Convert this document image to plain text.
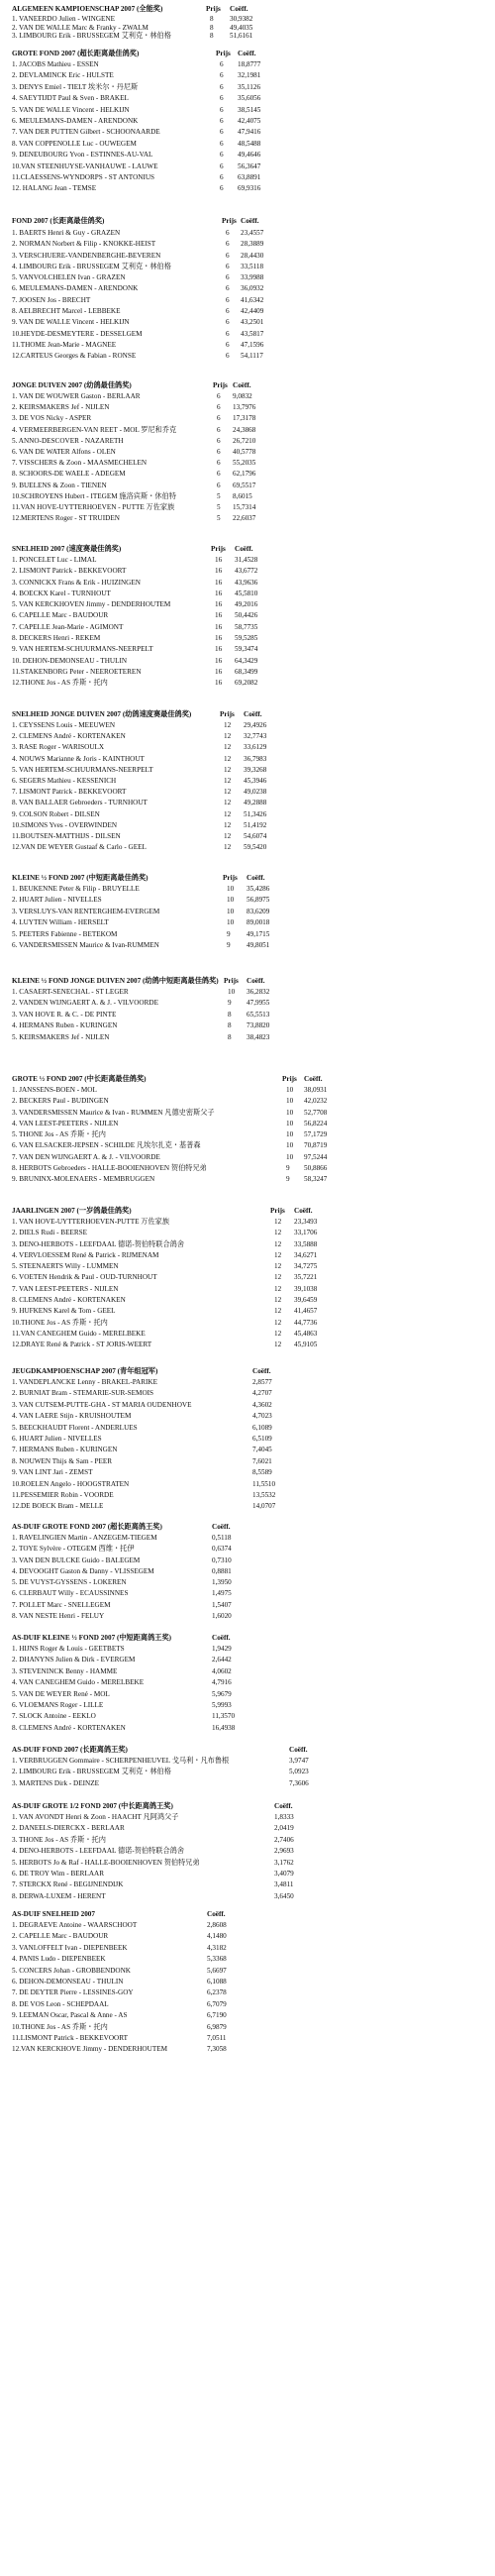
ALGEMEEN KAMPIOENSCHAP 2007 (全能奖)	Prijs Coëff.
1. VANEERDO Julien - WINGENE	8 30,9382
2. VAN DE WALLE Marc & Franky - ZWALM	8 49,4035
3. LIMBOURG Erik - BRUSSEGEM 艾利克・林伯格	8 51,6161
GROTE FOND 2007 (超长距离最佳鸽奖)	Prijs Coëff.
1. JACOBS Mathieu - ESSEN	6 18,8777
2. DEVLAMINCK Eric - HULSTE	6 32,1981
3. DENYS Emiel - TIELT 埃米尔・丹尼斯	6 35,1126
4. SAEYTIJDT Paul & Sven - BRAKEL	6 35,6056
5. VAN DE WALLE Vincent - HELKIJN	6 38,5145
6. MEULEMANS-DAMEN - ARENDONK	6 42,4075
7. VAN DER PUTTEN Gilbert - SCHOONAARDE	6 47,9416
8. VAN COPPENOLLE Luc - OUWEGEM	6 48,5488
9. DENEUBOURG Yvon - ESTINNES-AU-VAL	6 49,4646
10.VAN STEENHUYSE-VANHAUWE - LAUWE	6 56,3647
11.CLAESSENS-WYNDORPS - ST ANTONIUS	6 63,8891
12. HALANG Jean - TEMSE	6 69,9316
FOND 2007 (长距离最佳鸽奖)	Prijs Coëff.
1. BAERTS Henri & Guy - GRAZEN	6 23,4557
2. NORMAN Norbert & Filip - KNOKKE-HEIST	6 28,3889
3. VERSCHUERE-VANDENBERGHE-BEVEREN	6 28,4430
4. LIMBOURG Erik - BRUSSEGEM 艾利克・林伯格	6 33,5118
5. VANVOLCHELEN Ivan - GRAZEN	6 33,9988
6. MEULEMANS-DAMEN - ARENDONK	6 36,0932
7. JOOSEN Jos - BRECHT	6 41,6342
8. AELBRECHT Marcel - LEBBEKE	6 42,4409
9. VAN DE WALLE Vincent - HELKIJN	6 43,2501
10.HEYDE-DESMEYTERE - DESSELGEM	6 43,5817
11.THOME Jean-Marie - MAGNEE	6 47,1596
12.CARTEUS Georges & Fabian - RONSE	6 54,1117
JONGE DUIVEN 2007 (幼鸽最佳鸽奖)	Prijs Coëff.
1. VAN DE WOUWER Gaston - BERLAAR	6 9,0832
2. KEIRSMAKERS Jef - NIJLEN	6 13,7976
3. DE VOS Nicky - ASPER	6 17,3178
4. VERMEERBERGEN-VAN REET - MOL 罗尼和乔克	6 24,3868
5. ANNO-DESCOVER - NAZARETH	6 26,7210
6. VAN DE WATER Alfons - OLEN	6 40,5778
7. VISSCHERS & Zoon - MAASMECHELEN	6 55,2035
8. SCHOORS-DE WAELE - ADEGEM	6 62,1796
9. BUELENS & Zoon - TIENEN	6 69,5517
10.SCHROYENS Hubert - ITEGEM 施洛宾斯・休伯特	5 8,6015
11.VAN HOVE-UYTTERHOEVEN - PUTTE 万佐家族	5 15,7314
12.MERTENS Roger - ST TRUIDEN	5 22,6037
SNELHEID 2007 (速度赛最佳鸽奖)	Prijs Coëff.
1. PONCELET Luc - LIMAL	16 31,4528
2. LISMONT Patrick - BEKKEVOORT	16 43,6772
3. CONNICKX Frans & Erik - HUIZINGEN	16 43,9636
4. BOECKX Karel - TURNHOUT	16 45,5810
5. VAN KERCKHOVEN Jimmy - DENDERHOUTEM	16 49,2016
6. CAPELLE Marc - BAUDOUR	16 50,4426
7. CAPELLE Jean-Marie - AGIMONT	16 58,7735
8. DECKERS Henri - REKEM	16 59,5285
9. VAN HERTEM-SCHUURMANS-NEERPELT	16 59,3474
10. DEHON-DEMONSEAU - THULIN	16 64,3429
11.STAKENBORG Peter - NEEROETEREN	16 68,3499
12.THONE Jos - AS 乔斯・托内	16 69,2082
SNELHEID JONGE DUIVEN 2007 (幼鸽速度赛最佳鸽奖)	Prijs Coëff.
1. CEYSSENS Louis - MEEUWEN	12 29,4926
2. CLEMENS André - KORTENAKEN	12 32,7743
3. RASE Roger - WARISOULX	12 33,6129
4. NOUWS Marianne & Joris - KAINTHOUT	12 36,7983
5. VAN HERTEM-SCHUURMANS-NEERPELT	12 39,3268
6. SEGERS Mathieu - KESSENICH	12 45,3946
7. LISMONT Patrick - BEKKEVOORT	12 49,0238
8. VAN BALLAER Gebroeders - TURNHOUT	12 49,2888
9. COLSON Robert - DILSEN	12 51,3426
10.SIMONS Yves - OVERWINDEN	12 51,4192
11.BOUTSEN-MATTHIJS - DILSEN	12 54,6074
12.VAN DE WEYER Gustaaf & Carlo - GEEL	12 59,5420
KLEINE ½ FOND 2007 (中短距离最佳鸽奖)	Prijs Coëff.
1. BEUKENNE Peter & Filip - BRUYELLE	10 35,4286
2. HUART Julien - NIVELLES	10 56,8975
3. VERSLUYS-VAN RENTERGHEM-EVERGEM	10 83,6209
4. LUYTEN William - HERSELT	10 89,0018
5. PEETERS Fabienne - BETEKOM	9 49,1715
6. VANDERSMISSEN Maurice & Ivan-RUMMEN	9 49,8051
KLEINE ½ FOND JONGE DUIVEN 2007 (幼鸽中短距离最佳鸽奖) Prijs Coëff.
1. CASAERT-SENECHAL - ST LEGER	10 36,2832
2. VANDEN WIJNGAERT A. & J. - VILVOORDE	9 47,9955
3. VAN HOVE R. & C. - DE PINTE	8 65,5513
4. HERMANS Ruben - KURINGEN	8 73,8820
5. KEIRSMAKERS Jef - NIJLEN	8 38,4823
GROTE ½ FOND 2007 (中长距离最佳鸽奖)	Prijs Coëff.
1. JANSSENS-BOEN - MOL	10 38,0931
2. BECKERS Paul - BUDINGEN	10 42,0232
3. VANDERSMISSEN Maurice & Ivan - RUMMEN 凡德史密斯父子	10 52,7708
4. VAN LEEST-PEETERS - NIJLEN	10 56,8224
5. THONE Jos - AS 乔斯・托内	10 57,1729
6. VAN ELSACKER-JEPSEN - SCHILDE 凡埃尔扎克・基普森	10 70,8719
7. VAN DEN WIJNGAERT A. & J. - VILVOORDE	10 97,5244
8. HERBOTS Gebroeders - HALLE-BOOIENHOVEN 贺伯特兄弟	9 50,8866
9. BRUNINX-MOLENAERS - MEMBRUGGEN	9 58,3247
JAARLINGEN 2007 (一岁鸽最佳鸽奖)	Prijs Coëff.
1. VAN HOVE-UYTTERHOEVEN-PUTTE 万佐家族	12 23,3493
2. DIELS Rudi - BEERSE	12 33,1706
3. DENO-HERBOTS - LEEFDAAL 德诺-贺伯特联合鸽舍	12 33,5888
4. VERVLOESSEM René & Patrick - RIJMENAM	12 34,6271
5. STEENAERTS Willy - LUMMEN	12 34,7275
6. VOETEN Hendrik & Paul - OUD-TURNHOUT	12 35,7221
7. VAN LEEST-PEETERS - NIJLEN	12 39,1038
8. CLEMENS André - KORTENAKEN	12 39,6459
9. HUFKENS Karel & Tom - GEEL	12 41,4657
10.THONE Jos - AS 乔斯・托内	12 44,7736
11.VAN CANEGHEM Guido - MERELBEKE	12 45,4863
12.DRAYE René & Patrick - ST JORIS-WEERT	12 45,9105
JEUGDKAMPIOENSCHAP 2007 (青年组冠军)	Coëff.
1. VANDEPLANCKE Lenny - BRAKEL-PARIKE	2,8577
2. BURNIAT Bram - STEMARIE-SUR-SEMOIS	4,2707
3. VAN CUTSEM-PUTTE-GHA - ST MARIA OUDENHOVE	4,3602
4. VAN LAERE Stijn - KRUISHOUTEM	4,7023
5. BEECKHAUDT Florent - ANDERLUES	6,1089
6. HUART Julien - NIVELLES	6,5109
7. HERMANS Ruben - KURINGEN	7,4045
8. NOUWEN Thijs & Sam - PEER	7,6021
9. VAN LINT Jari - ZEMST	8,5589
10.ROELEN Angelo - HOOGSTRATEN	11,5510
11.PESSEMIER Robin - VOORDE	13,5532
12.DE BOECK Bram - MELLE	14,0707
AS-DUIF GROTE FOND 2007 (超长距离鸽王奖)	Coëff.
1. RAVELINGIEN Martin - ANZEGEM-TIEGEM	0,5118
2. TOYE Sylvère - OTEGEM 西维・托伊	0,6374
3. VAN DEN BULCKE Guido - BALEGEM	0,7310
4. DEVOOGHT Gaston & Danny - VLISSEGEM	0,8881
5. DE VUYST-GYSSENS - LOKEREN	1,3950
6. CLERBAUT Willy - ECAUSSINNES	1,4975
7. POLLET Marc - SNELLEGEM	1,5407
8. VAN NESTE Henri - FELUY	1,6020
AS-DUIF KLEINE ½ FOND 2007 (中短距离鸽王奖)	Coëff.
1. HIJNS Roger & Louis - GEETBETS	1,9429
2. DHANYNS Julien & Dirk - EVERGEM	2,6442
3. STEVENINCK Benny - HAMME	4,0602
4. VAN CANEGHEM Guido - MERELBEKE	4,7916
5. VAN DE WEYER René - MOL	5,9679
6. VLOEMANS Roger - LILLE	5,9993
7. SLOCK Antoine - EEKLO	11,3570
8. CLEMENS André - KORTENAKEN	16,4938
AS-DUIF FOND 2007 (长距离鸽王奖)	Coëff.
1. VERBRUGGEN Gommaire - SCHERPENHEUVEL 戈马利・凡布鲁根	3,9747
2. LIMBOURG Erik - BRUSSEGEM 艾利克・林伯格	5,0923
3. MARTENS Dirk - DEINZE	7,3606
AS-DUIF GROTE 1/2 FOND 2007 (中长距离鸽王奖)	Coëff.
1. VAN AVONDT Henri & Zoon - HAACHT 凡阿鸿父子	1,8333
2. DANEELS-DIERCKX - BERLAAR	2,0419
3. THONE Jos - AS 乔斯・托内	2,7406
4. DENO-HERBOTS - LEEFDAAL 德诺-贺伯特联合鸽舍	2,9693
5. HERBOTS Jo & Raf - HALLE-BOOIENHOVEN 贺伯特兄弟	3,1762
6. DE TROY Wim - BERLAAR	3,4079
7. STERCKX René - BEGIJNENDIJK	3,4811
8. DERWA-LUXEM - HERENT	3,6450
AS-DUIF SNELHEID 2007	Coëff.
1. DEGRAEVE Antoine - WAARSCHOOT	2,8608
2. CAPELLE Marc - BAUDOUR	4,1480
3. VANLOFFELT Ivan - DIEPENBEEK	4,3182
4. PANIS Ludo - DIEPENBEEK	5,3368
5. CONCERS Johan - GROBBENDONK	5,6697
6. DEHON-DEMONSEAU - THULIN	6,1088
7. DE DEYTER Pierre - LESSINES-GOY	6,2378
8. DE VOS Leon - SCHEPDAAL	6,7079
9. LEEMAN Oscar, Pascal & Anne - AS	6,7190
10.THONE Jos - AS 乔斯・托内	6,9879
11.LISMONT Patrick - BEKKEVOORT	7,0511
12.VAN KERCKHOVE Jimmy - DENDERHOUTEM	7,3058
